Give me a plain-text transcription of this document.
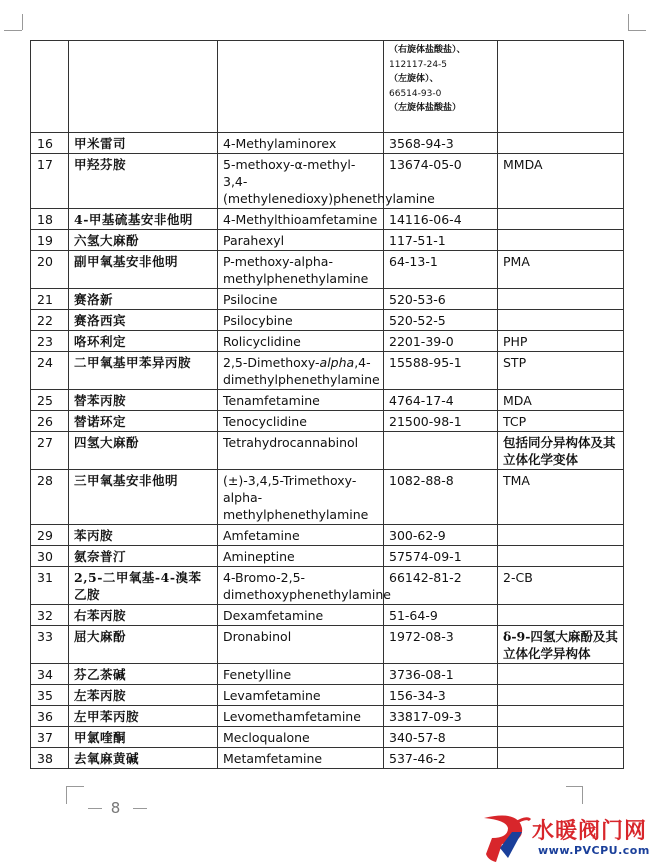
			（右旋体盐酸盐）、
112117-24-5
（左旋体）、
66514-93-0
（左旋体盐酸盐）	

16	甲米雷司	4-Methylaminorex	3568-94-3	
17	甲羟芬胺	5-methoxy-α-methyl-3,4-(methylenedioxy)phenethylamine	13674-05-0	MMDA
18	4-甲基硫基安非他明	4-Methylthioamfetamine	14116-06-4	
19	六氢大麻酚	Parahexyl	117-51-1	
20	副甲氧基安非他明	P-methoxy-alpha-methylphenethylamine	64-13-1	PMA
21	赛洛新	Psilocine	520-53-6	
22	赛洛西宾	Psilocybine	520-52-5	
23	咯环利定	Rolicyclidine	2201-39-0	PHP
24	二甲氧基甲苯异丙胺	2,5-Dimethoxy-alpha,4-dimethylphenethylamine	15588-95-1	STP
25	替苯丙胺	Tenamfetamine	4764-17-4	MDA
26	替诺环定	Tenocyclidine	21500-98-1	TCP
27	四氢大麻酚	Tetrahydrocannabinol		包括同分异构体及其立体化学变体
28	三甲氧基安非他明	(±)-3,4,5-Trimethoxy-alpha-methylphenethylamine	1082-88-8	TMA
29	苯丙胺	Amfetamine	300-62-9	
30	氨奈普汀	Amineptine	57574-09-1	
31	2,5-二甲氧基-4-溴苯乙胺	4-Bromo-2,5-dimethoxyphenethylamine	66142-81-2	2-CB
32	右苯丙胺	Dexamfetamine	51-64-9	
33	屈大麻酚	Dronabinol	1972-08-3	δ-9-四氢大麻酚及其立体化学异构体
34	芬乙茶碱	Fenetylline	3736-08-1	
35	左苯丙胺	Levamfetamine	156-34-3	
36	左甲苯丙胺	Levomethamfetamine	33817-09-3	
37	甲氯喹酮	Mecloqualone	340-57-8	
38	去氧麻黄碱	Metamfetamine	537-46-2	
8
水暖阀门网
www.PVCPU.com
